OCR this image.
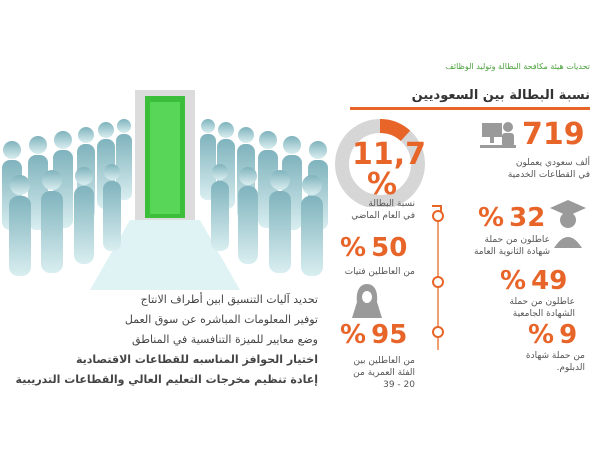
تحديات هيئة مكافحة البطالة وتوليد الوظائف
نسبة البطالة بين السعوديين
11,7
%
نسبة البطالة
في العام الماضي
719
ألف سعودي يعملون
في القطاعات الخدمية
% 32
عاطلون من حملة
شهادة الثانوية العامة
% 49
عاطلون من حملة
الشهادة الجامعية
% 9
من حملة شهادة
الدبلوم.
% 50
من العاطلين فتيات
% 95
من العاطلين بين
الفئة العمرية من
20 - 39
تحديد آليات التنسيق ابين أطراف الانتاج
توفير المعلومات المباشره عن سوق العمل
وضع معايير للميزة التنافسية في المناطق
اختيار الحوافز المناسبه للقطاعات الاقتصادية
إعادة تنظيم مخرجات التعليم العالي والقطاعات التدريبية
